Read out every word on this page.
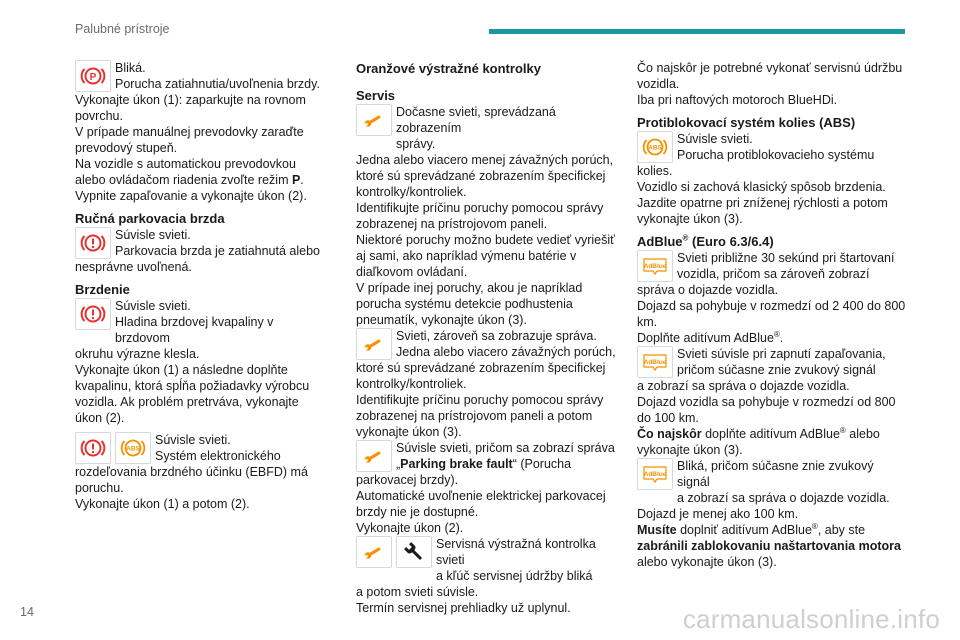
Palubné prístroje
P

Bliká.

Porucha zatiahnutia/uvoľnenia brzdy.

Vykonajte úkon (1): zaparkujte na rovnom povrchu.

V prípade manuálnej prevodovky zaraďte prevodový stupeň.

Na vozidle s automatickou prevodovkou alebo ovládačom riadenia zvoľte režim P.

Vypnite zapaľovanie a vykonajte úkon (2).

Ručná parkovacia brzda

Súvisle svieti.

Parkovacia brzda je zatiahnutá alebo

nesprávne uvoľnená.

Brzdenie

Súvisle svieti.

Hladina brzdovej kvapaliny v brzdovom

okruhu výrazne klesla.

Vykonajte úkon (1) a následne doplňte kvapalinu, ktorá spĺňa požiadavky výrobcu vozidla. Ak problém pretrváva, vykonajte úkon (2).

ABS

Súvisle svieti.

Systém elektronického

rozdeľovania brzdného účinku (EBFD) má poruchu.

Vykonajte úkon (1) a potom (2).

Oranžové výstražné kontrolky
Servis

Dočasne svieti, sprevádzaná zobrazením

správy.

Jedna alebo viacero menej závažných porúch, ktoré sú sprevádzané zobrazením špecifickej kontrolky/kontroliek.

Identifikujte príčinu poruchy pomocou správy zobrazenej na prístrojovom paneli.

Niektoré poruchy možno budete vedieť vyriešiť aj sami, ako napríklad výmenu batérie v diaľkovom ovládaní.

V prípade inej poruchy, akou je napríklad porucha systému detekcie podhustenia pneumatík, vykonajte úkon (3).

Svieti, zároveň sa zobrazuje správa.

Jedna alebo viacero závažných porúch,

ktoré sú sprevádzané zobrazením špecifickej kontrolky/kontroliek.

Identifikujte príčinu poruchy pomocou správy zobrazenej na prístrojovom paneli a potom vykonajte úkon (3).

Súvisle svieti, pričom sa zobrazí správa

„Parking brake fault“ (Porucha

parkovacej brzdy).

Automatické uvoľnenie elektrickej parkovacej brzdy nie je dostupné.

Vykonajte úkon (2).

Servisná výstražná kontrolka svieti

a kľúč servisnej údržby bliká

a potom svieti súvisle.

Termín servisnej prehliadky už uplynul.

Čo najskôr je potrebné vykonať servisnú údržbu vozidla.

Iba pri naftových motoroch BlueHDi.

Protiblokovací systém kolies (ABS)
ABS

Súvisle svieti.

Porucha protiblokovacieho systému

kolies.

Vozidlo si zachová klasický spôsob brzdenia. Jazdite opatrne pri zníženej rýchlosti a potom vykonajte úkon (3).

AdBlue® (Euro 6.3/6.4)
AdBlue

Svieti približne 30 sekúnd pri štartovaní

vozidla, pričom sa zároveň zobrazí

správa o dojazde vozidla.

Dojazd sa pohybuje v rozmedzí od 2 400 do 800 km.

Doplňte aditívum AdBlue®.

AdBlue

Svieti súvisle pri zapnutí zapaľovania,

pričom súčasne znie zvukový signál

a zobrazí sa správa o dojazde vozidla.

Dojazd vozidla sa pohybuje v rozmedzí od 800 do 100 km.

Čo najskôr doplňte aditívum AdBlue® alebo vykonajte úkon (3).

AdBlue

Bliká, pričom súčasne znie zvukový signál

a zobrazí sa správa o dojazde vozidla.

Dojazd je menej ako 100 km.

Musíte doplniť aditívum AdBlue®, aby ste zabránili zablokovaniu naštartovania motora alebo vykonajte úkon (3).

14	carmanualsonline.info
